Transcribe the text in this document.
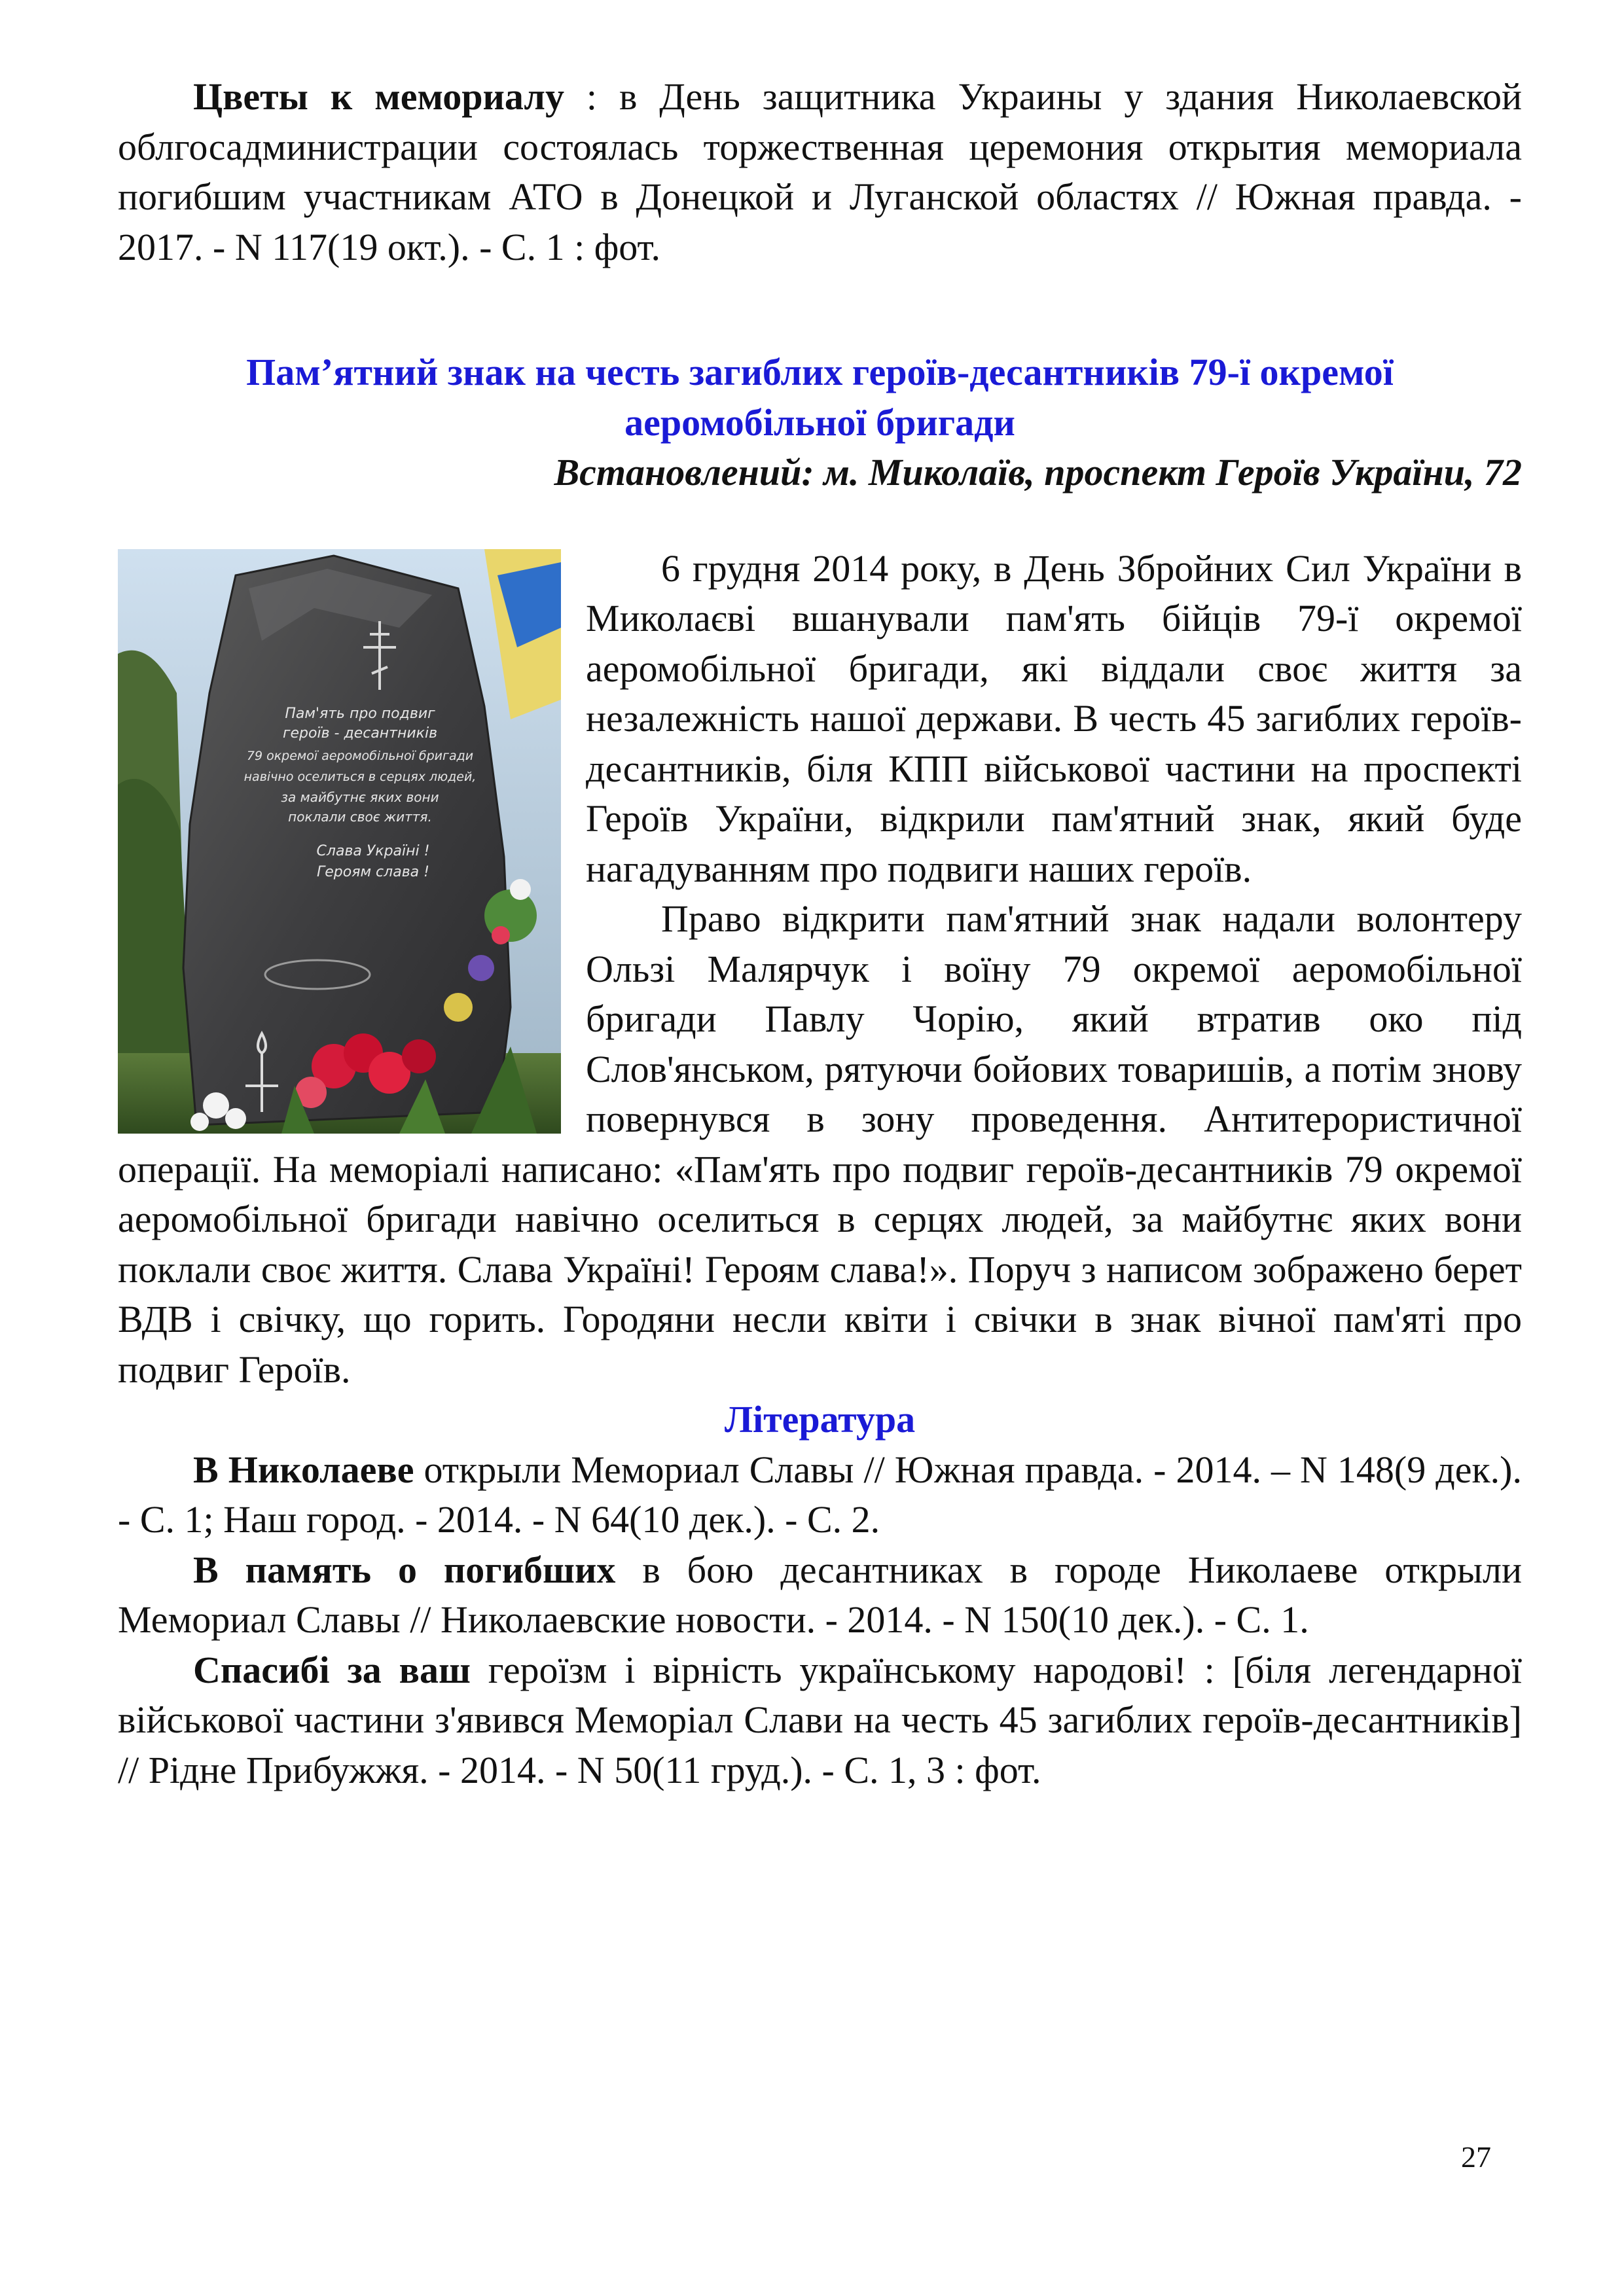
Цветы к мемориалу : в День защитника Украины у здания Николаевской облгосадминистрации состоялась торжественная церемония открытия мемориала погибшим участникам АТО в Донецкой и Луганской областях // Южная правда. - 2017. - N 117(19 окт.). - С. 1 : фот.

Пам’ятний знак на честь загиблих героїв-десантників 79-ї окремої
аеромобільної бригади
Встановлений: м. Миколаїв, проспект Героїв України, 72
Пам'ять про подвиг
героїв - десантників
79 окремої аеромобільної бригади
навічно оселиться в серцях людей,
за майбутнє яких вони
поклали своє життя.
Слава Україні !
Героям слава !

6 грудня 2014 року, в День Збройних Сил України в Миколаєві вшанували пам'ять бійців 79-ї окремої аеромобільної бригади, які віддали своє життя за незалежність нашої держави. В честь 45 загиблих героїв-десантників, біля КПП військової частини на проспекті Героїв України, відкрили пам'ятний знак, який буде нагадуванням про подвиги наших героїв.

Право відкрити пам'ятний знак надали волонтеру Ользі Малярчук і воїну 79 окремої аеромобільної бригади Павлу Чорію, який втратив око під Слов'янськом, рятуючи бойових товаришів, а потім знову повернувся в зону проведення. Антитерористичної операції. На меморіалі написано: «Пам'ять про подвиг героїв-десантників 79 окремої аеромобільної бригади навічно оселиться в серцях людей, за майбутнє яких вони поклали своє життя. Слава Україні! Героям слава!». Поруч з написом зображено берет ВДВ і свічку, що горить. Городяни несли квіти і свічки в знак вічної пам'яті про подвиг Героїв.

Література

В Николаеве открыли Мемориал Славы // Южная правда. - 2014. – N 148(9 дек.). - С. 1; Наш город. - 2014. - N 64(10 дек.). - С. 2.

В память о погибших в бою десантниках в городе Николаеве открыли Мемориал Славы // Николаевские новости. - 2014. - N 150(10 дек.). - С. 1.

Спасибі за ваш героїзм і вірність українському народові! : [біля легендарної військової частини з'явився Меморіал Слави на честь 45 загиблих героїв-десантників] // Рідне Прибужжя. - 2014. - N 50(11 груд.). - С. 1, 3 : фот.

27
